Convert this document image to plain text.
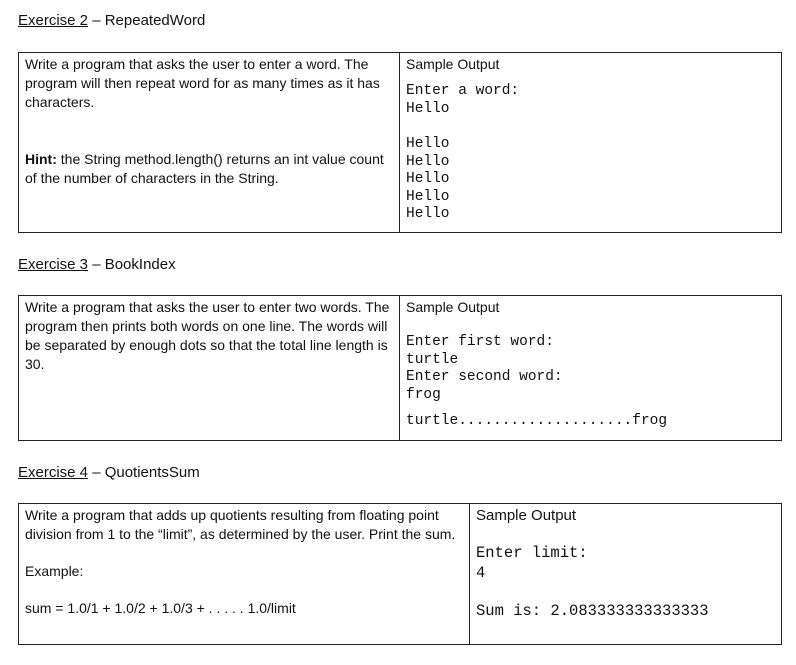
Exercise 2 – RepeatedWord

Write a program that asks the user to enter a word. The program will then repeat word for as many times as it has characters.

Hint: the String method.length() returns an int value count of the number of characters in the String.

Sample Output
Enter a word:
Hello
Hello
Hello
Hello
Hello
Hello
Exercise 3 – BookIndex

Write a program that asks the user to enter two words. The program then prints both words on one line. The words will be separated by enough dots so that the total line length is 30.

Sample Output
Enter first word:
turtle
Enter second word:
frog
turtle....................frog
Exercise 4 – QuotientsSum

Write a program that adds up quotients resulting from floating point division from 1 to the “limit”, as determined by the user. Print the sum.

Example:

sum = 1.0/1 + 1.0/2 + 1.0/3 + . . . . . 1.0/limit

Sample Output
Enter limit:
4
Sum is: 2.083333333333333
